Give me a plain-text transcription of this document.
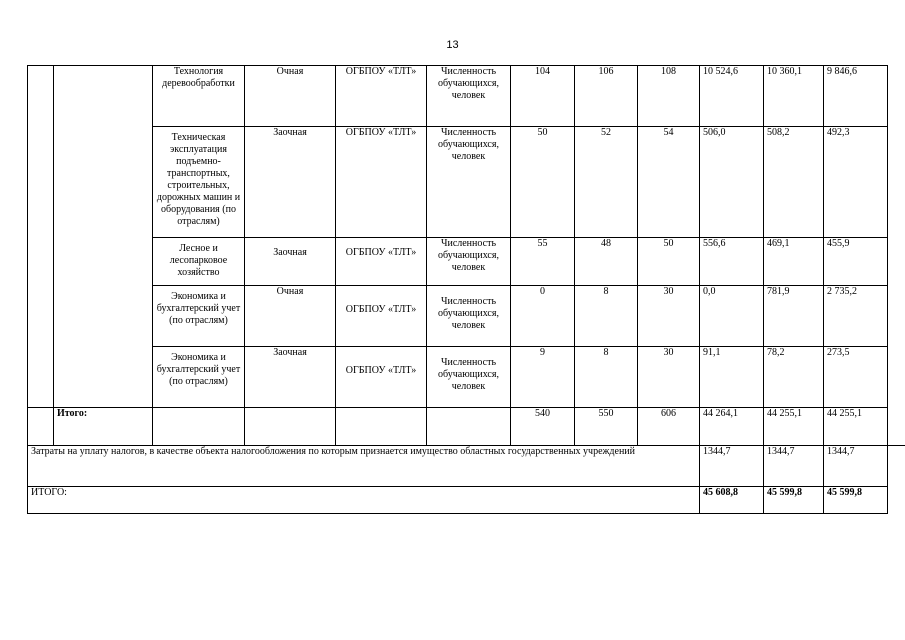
13
		Технология деревообработки	Очная	ОГБПОУ «ТЛТ»	Численность обучающихся, человек	104	106	108	10 524,6	10 360,1	9 846,6
		Техническая эксплуатация подъемно-транспортных, строительных, дорожных машин и оборудования (по отраслям)	Заочная	ОГБПОУ «ТЛТ»	Численность обучающихся, человек	50	52	54	506,0	508,2	492,3
		Лесное и лесопарковое хозяйство	Заочная	ОГБПОУ «ТЛТ»	Численность обучающихся, человек	55	48	50	556,6	469,1	455,9
		Экономика и бухгалтерский учет (по отраслям)	Очная	ОГБПОУ «ТЛТ»	Численность обучающихся, человек	0	8	30	0,0	781,9	2 735,2
		Экономика и бухгалтерский учет (по отраслям)	Заочная	ОГБПОУ «ТЛТ»	Численность обучающихся, человек	9	8	30	91,1	78,2	273,5
	Итого:					540	550	606	44 264,1	44 255,1	44 255,1
Затраты на уплату налогов, в качестве объекта налогообложения по которым признается имущество областных государственных учреждений									1344,7	1344,7	1344,7
ИТОГО:									45 608,8	45 599,8	45 599,8
